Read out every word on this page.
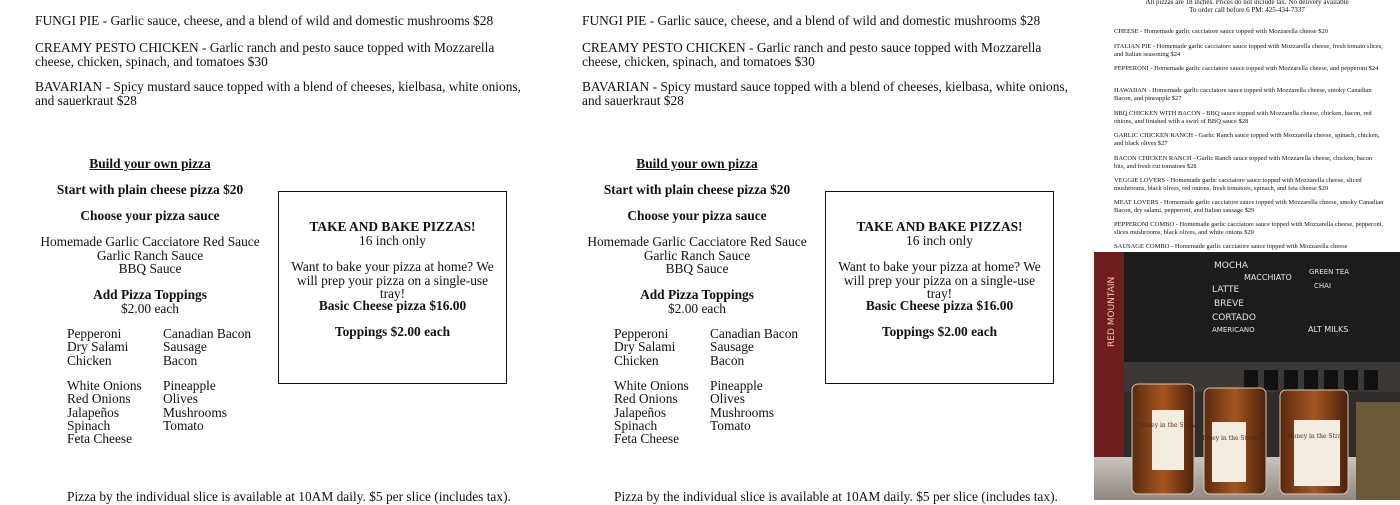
FUNGI PIE - Garlic sauce, cheese, and a blend of wild and domestic mushrooms $28
CREAMY PESTO CHICKEN - Garlic ranch and pesto sauce topped with Mozzarella cheese, chicken, spinach, and tomatoes $30
BAVARIAN - Spicy mustard sauce topped with a blend of cheeses, kielbasa, white onions, and sauerkraut $28
Build your own pizza
Start with plain cheese pizza $20
Choose your pizza sauce
Homemade Garlic Cacciatore Red Sauce
Garlic Ranch Sauce
BBQ Sauce
Add Pizza Toppings
$2.00 each
Pepperoni
Dry Salami
Chicken
Canadian Bacon
Sausage
Bacon
White Onions
Red Onions
Jalapeños
Spinach
Feta Cheese
Pineapple
Olives
Mushrooms
Tomato
TAKE AND BAKE PIZZAS!
16 inch only
Want to bake your pizza at home? We will prep your pizza on a single-use tray!
Basic Cheese pizza $16.00
Toppings $2.00 each
Pizza by the individual slice is available at 10AM daily. $5 per slice (includes tax).
FUNGI PIE - Garlic sauce, cheese, and a blend of wild and domestic mushrooms $28
CREAMY PESTO CHICKEN - Garlic ranch and pesto sauce topped with Mozzarella cheese, chicken, spinach, and tomatoes $30
BAVARIAN - Spicy mustard sauce topped with a blend of cheeses, kielbasa, white onions, and sauerkraut $28
Build your own pizza
Start with plain cheese pizza $20
Choose your pizza sauce
Homemade Garlic Cacciatore Red Sauce
Garlic Ranch Sauce
BBQ Sauce
Add Pizza Toppings
$2.00 each
Pepperoni
Dry Salami
Chicken
Canadian Bacon
Sausage
Bacon
White Onions
Red Onions
Jalapeños
Spinach
Feta Cheese
Pineapple
Olives
Mushrooms
Tomato
TAKE AND BAKE PIZZAS!
16 inch only
Want to bake your pizza at home? We will prep your pizza on a single-use tray!
Basic Cheese pizza $16.00
Toppings $2.00 each
Pizza by the individual slice is available at 10AM daily. $5 per slice (includes tax).
All pizzas are 18 inches. Prices do not include tax. No delivery available
To order call before 6 PM: 425-434-7337
CHEESE - Homemade garlic cacciatore sauce topped with Mozzarella cheese $20
ITALIAN PIE - Homemade garlic cacciatore sauce topped with Mozzarella cheese, fresh tomato slices, and Italian seasoning $24
PEPPERONI - Homemade garlic cacciatore sauce topped with Mozzarella cheese, and pepperoni $24
HAWAIIAN - Homemade garlic cacciatore sauce topped with Mozzarella cheese, smoky Canadian Bacon, and pineapple $27
BBQ CHICKEN WITH BACON - BBQ sauce topped with Mozzarella cheese, chicken, bacon, red onions, and finished with a swirl of BBQ sauce $28
GARLIC CHICKEN RANCH - Garlic Ranch sauce topped with Mozzarella cheese, spinach, chicken, and black olives $27
BACON CHICKEN RANCH - Garlic Ranch sauce topped with Mozzarella cheese, chicken, bacon bits, and fresh cut tomatoes $28
VEGGIE LOVERS - Homemade garlic cacciatore sauce topped with Mozzarella cheese, sliced mushrooms, black olives, red onions, fresh tomatoes, spinach, and feta cheese $29
MEAT LOVERS - Homemade garlic cacciatore sauce topped with Mozzarella cheese, smoky Canadian Bacon, dry salami, pepperoni, and Italian sausage $29
PEPPERONI COMBO - Homemade garlic cacciatore sauce topped with Mozzarella cheese, pepperoni, slices mushrooms, black olives, and white onions $29
SAUSAGE COMBO - Homemade garlic cacciatore sauce topped with Mozzarella cheese
MOCHA
MACCHIATO
LATTE
BREVE
CORTADO
AMERICANO
GREEN TEA
CHAI
ALT MILKS
RED MOUNTAIN
Honey in the Straw
Honey in the Straw	Honey in the Straw
